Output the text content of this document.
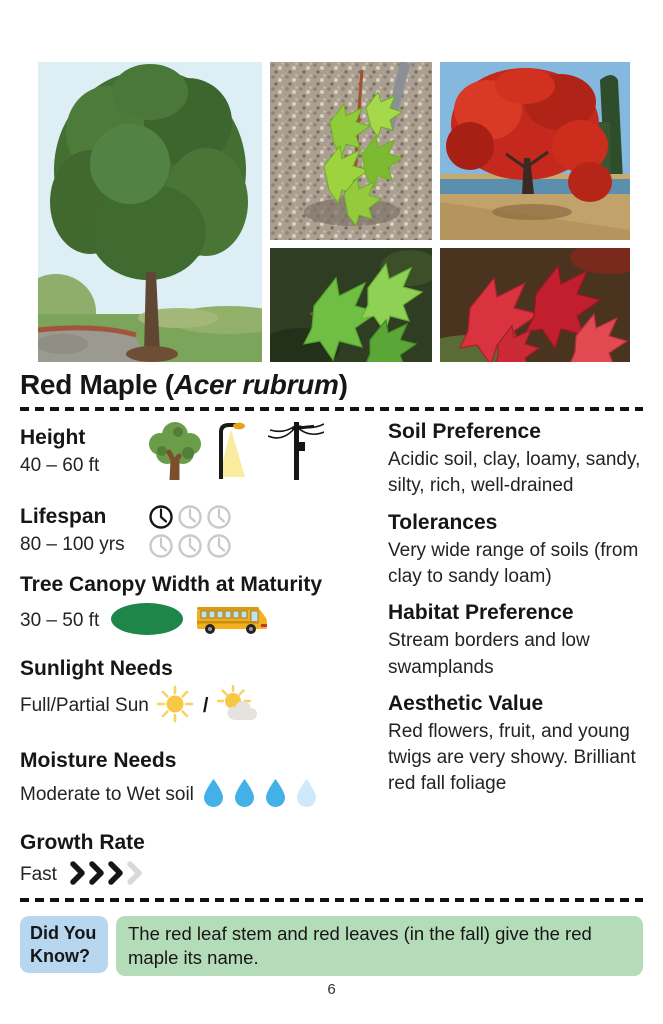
Red Maple (Acer rubrum)
Height
40 – 60 ft
Lifespan
80 – 100 yrs
Tree Canopy Width at Maturity
30 – 50 ft
Sunlight Needs
Full/Partial Sun	/
Moisture Needs
Moderate to Wet soil
Growth Rate
Fast
Soil Preference

Acidic soil, clay, loamy, sandy, silty, rich, well-drained

Tolerances

Very wide range of soils (from clay to sandy loam)

Habitat Preference

Stream borders and low swamplands

Aesthetic Value

Red flowers, fruit, and young twigs are very showy. Brilliant red fall foliage

Did You Know?
The red leaf stem and red leaves (in the fall) give the red maple its name.
6
